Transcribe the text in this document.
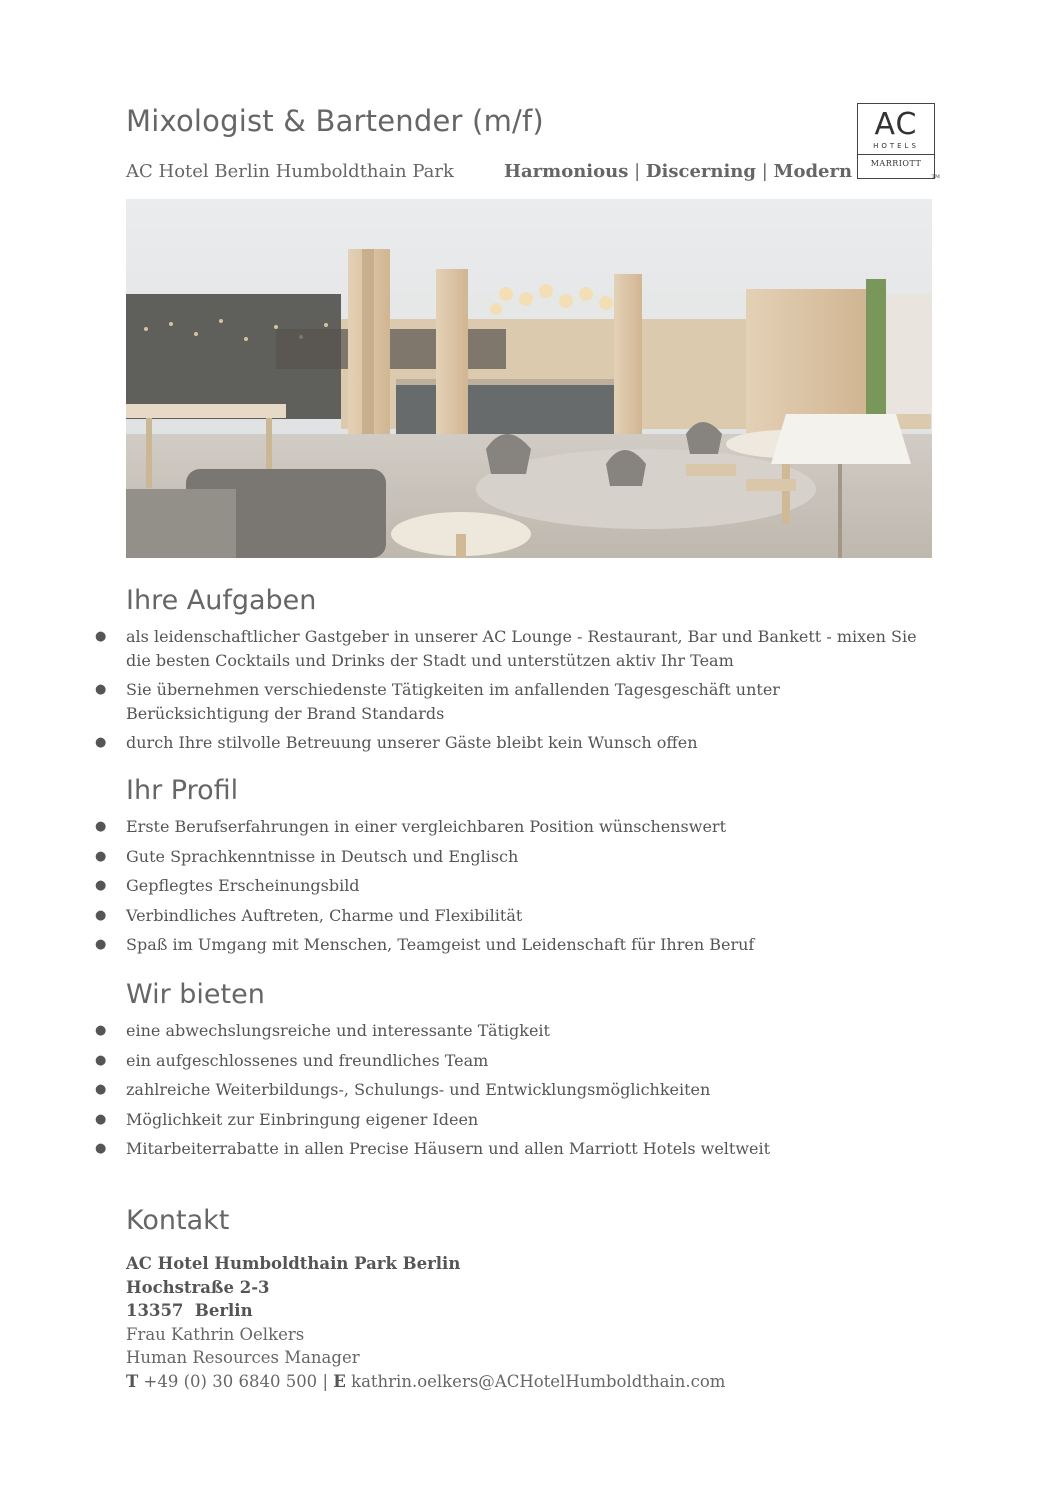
Mixologist & Bartender (m/f)
AC Hotel Berlin Humboldthain Park	Harmonious | Discerning | Modern
AC
HOTELS
MARRIOTT
TM
Ihre Aufgaben
● als leidenschaftlicher Gastgeber in unserer AC Lounge - Restaurant, Bar und Bankett - mixen Sie
die besten Cocktails und Drinks der Stadt und unterstützen aktiv Ihr Team
● Sie übernehmen verschiedenste Tätigkeiten im anfallenden Tagesgeschäft unter
Berücksichtigung der Brand Standards
● durch Ihre stilvolle Betreuung unserer Gäste bleibt kein Wunsch offen
Ihr Profil
● Erste Berufserfahrungen in einer vergleichbaren Position wünschenswert
● Gute Sprachkenntnisse in Deutsch und Englisch
● Gepflegtes Erscheinungsbild
● Verbindliches Auftreten, Charme und Flexibilität
● Spaß im Umgang mit Menschen, Teamgeist und Leidenschaft für Ihren Beruf
Wir bieten
● eine abwechslungsreiche und interessante Tätigkeit
● ein aufgeschlossenes und freundliches Team
● zahlreiche Weiterbildungs-, Schulungs- und Entwicklungsmöglichkeiten
● Möglichkeit zur Einbringung eigener Ideen
● Mitarbeiterrabatte in allen Precise Häusern und allen Marriott Hotels weltweit
Kontakt
AC Hotel Humboldthain Park Berlin
Hochstraße 2-3
13357 Berlin
Frau Kathrin Oelkers
Human Resources Manager
T +49 (0) 30 6840 500 | E kathrin.oelkers@ACHotelHumboldthain.com
